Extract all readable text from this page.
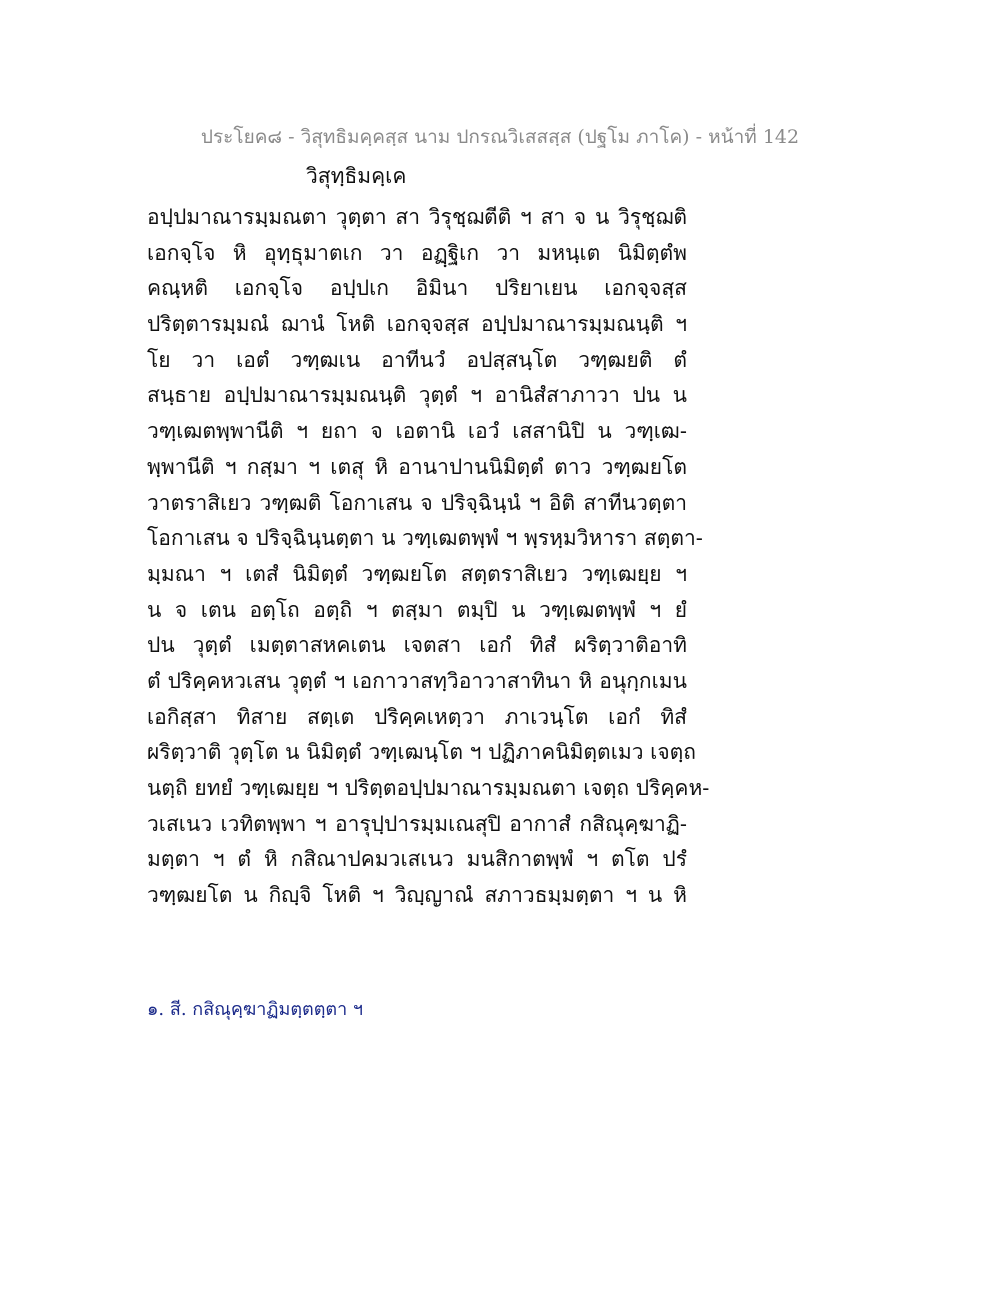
ประโยค๘ - วิสุทธิมคฺคสฺส นาม ปกรณวิเสสสฺส (ปฐโม ภาโค) - หน้าที่ 142
วิสุทฺธิมคฺเค
อปฺปมาณารมฺมณตา วุตฺตา สา วิรุชฺฌตีติ ฯ สา จ น วิรุชฺฌติ
เอกจฺโจ หิ อุทฺธุมาตเก วา อฏฺฐิเก วา มหนฺเต นิมิตฺตํพ
คณฺหติ เอกจฺโจ อปฺปเก อิมินา ปริยาเยน เอกจฺจสฺส
ปริตฺตารมฺมณํ ฌานํ โหติ เอกจฺจสฺส อปฺปมาณารมฺมณนฺติ ฯ
โย วา เอตํ วฑฺฒเน อาทีนวํ อปสฺสนฺโต วฑฺฒยติ ตํ
สนฺธาย อปฺปมาณารมฺมณนฺติ วุตฺตํ ฯ อานิสํสาภาวา ปน น
วฑฺเฒตพฺพานีติ ฯ ยถา จ เอตานิ เอวํ เสสานิปิ น วฑฺเฒ-
พฺพานีติ ฯ กสฺมา ฯ เตสุ หิ อานาปานนิมิตฺตํ ตาว วฑฺฒยโต
วาตราสิเยว วฑฺฒติ โอกาเสน จ ปริจฺฉินฺนํ ฯ อิติ สาทีนวตฺตา
โอกาเสน จ ปริจฺฉินฺนตฺตา น วฑฺเฒตพฺพํ ฯ พฺรหฺมวิหารา สตฺตา-
มฺมณา ฯ เตสํ นิมิตฺตํ วฑฺฒยโต สตฺตราสิเยว วฑฺเฒยฺย ฯ
น จ เตน อตฺโถ อตฺถิ ฯ ตสฺมา ตมฺปิ น วฑฺเฒตพฺพํ ฯ ยํ
ปน วุตฺตํ เมตฺตาสหคเตน เจตสา เอกํ ทิสํ ผริตฺวาติอาทิ
ตํ ปริคฺคหวเสน วุตฺตํ ฯ เอกาวาสทฺวิอาวาสาทินา หิ อนุกฺกเมน
เอกิสฺสา ทิสาย สตฺเต ปริคฺคเหตฺวา ภาเวนฺโต เอกํ ทิสํ
ผริตฺวาติ วุตฺโต น นิมิตฺตํ วฑฺเฒนฺโต ฯ ปฏิภาคนิมิตฺตเมว เจตฺถ
นตฺถิ ยทยํ วฑฺเฒยฺย ฯ ปริตฺตอปฺปมาณารมฺมณตา เจตฺถ ปริคฺคห-
วเสเนว เวทิตพฺพา ฯ อารุปฺปารมฺมเณสุปิ อากาสํ กสิณุคฺฆาฏิ-
มตฺตา ฯ ตํ หิ กสิณาปคมวเสเนว มนสิกาตพฺพํ ฯ ตโต ปรํ
วฑฺฒยโต น กิญฺจิ โหติ ฯ วิญฺญาณํ สภาวธมฺมตฺตา ฯ น หิ
๑. สี. กสิณุคฺฆาฏิมตฺตตฺตา ฯ
